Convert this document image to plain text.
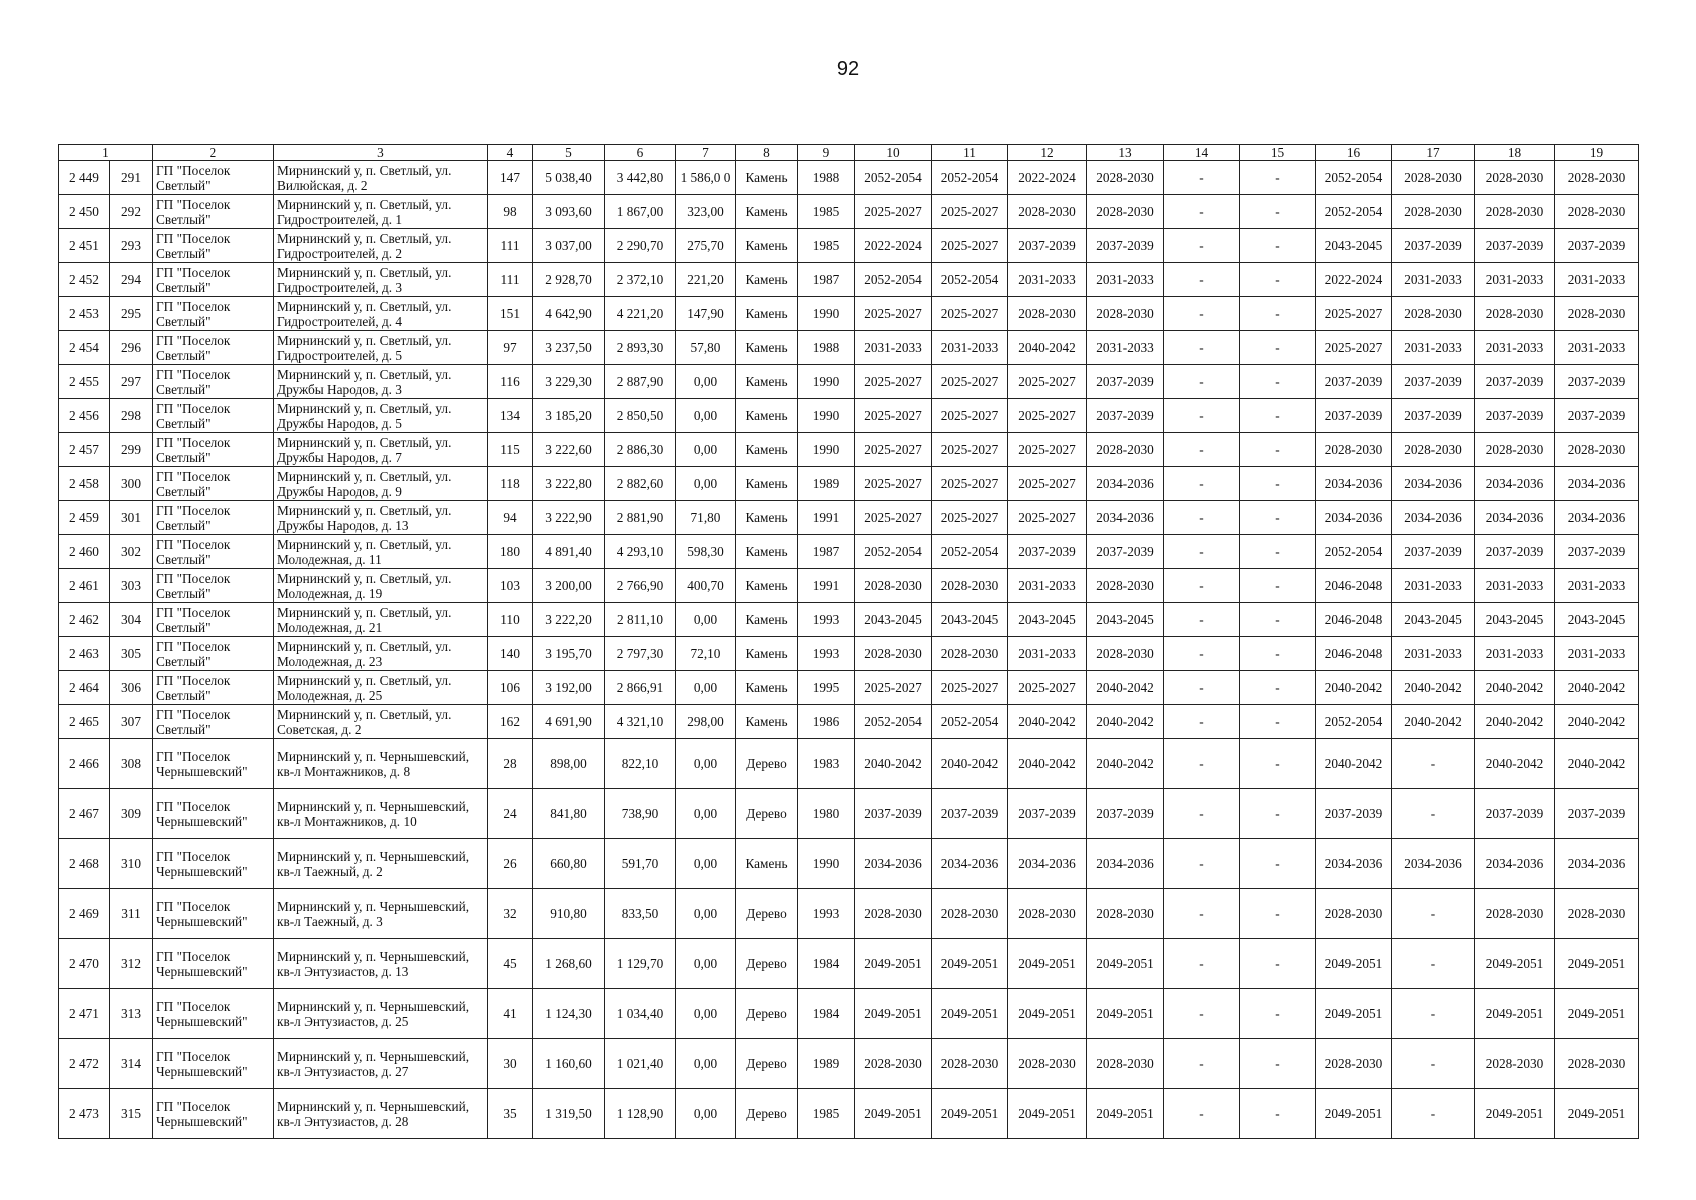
92
1		2	3	4	5	6	7	8	9	10	11	12	13	14	15	16	17	18	19
2 449	291	ГП "Поселок Светлый"	Мирнинский у, п. Светлый, ул. Вилюйская, д. 2	147	5 038,40	3 442,80	1 586,0 0	Камень	1988	2052-2054	2052-2054	2022-2024	2028-2030	-	-	2052-2054	2028-2030	2028-2030	2028-2030
2 450	292	ГП "Поселок Светлый"	Мирнинский у, п. Светлый, ул. Гидростроителей, д. 1	98	3 093,60	1 867,00	323,00	Камень	1985	2025-2027	2025-2027	2028-2030	2028-2030	-	-	2052-2054	2028-2030	2028-2030	2028-2030
2 451	293	ГП "Поселок Светлый"	Мирнинский у, п. Светлый, ул. Гидростроителей, д. 2	111	3 037,00	2 290,70	275,70	Камень	1985	2022-2024	2025-2027	2037-2039	2037-2039	-	-	2043-2045	2037-2039	2037-2039	2037-2039
2 452	294	ГП "Поселок Светлый"	Мирнинский у, п. Светлый, ул. Гидростроителей, д. 3	111	2 928,70	2 372,10	221,20	Камень	1987	2052-2054	2052-2054	2031-2033	2031-2033	-	-	2022-2024	2031-2033	2031-2033	2031-2033
2 453	295	ГП "Поселок Светлый"	Мирнинский у, п. Светлый, ул. Гидростроителей, д. 4	151	4 642,90	4 221,20	147,90	Камень	1990	2025-2027	2025-2027	2028-2030	2028-2030	-	-	2025-2027	2028-2030	2028-2030	2028-2030
2 454	296	ГП "Поселок Светлый"	Мирнинский у, п. Светлый, ул. Гидростроителей, д. 5	97	3 237,50	2 893,30	57,80	Камень	1988	2031-2033	2031-2033	2040-2042	2031-2033	-	-	2025-2027	2031-2033	2031-2033	2031-2033
2 455	297	ГП "Поселок Светлый"	Мирнинский у, п. Светлый, ул. Дружбы Народов, д. 3	116	3 229,30	2 887,90	0,00	Камень	1990	2025-2027	2025-2027	2025-2027	2037-2039	-	-	2037-2039	2037-2039	2037-2039	2037-2039
2 456	298	ГП "Поселок Светлый"	Мирнинский у, п. Светлый, ул. Дружбы Народов, д. 5	134	3 185,20	2 850,50	0,00	Камень	1990	2025-2027	2025-2027	2025-2027	2037-2039	-	-	2037-2039	2037-2039	2037-2039	2037-2039
2 457	299	ГП "Поселок Светлый"	Мирнинский у, п. Светлый, ул. Дружбы Народов, д. 7	115	3 222,60	2 886,30	0,00	Камень	1990	2025-2027	2025-2027	2025-2027	2028-2030	-	-	2028-2030	2028-2030	2028-2030	2028-2030
2 458	300	ГП "Поселок Светлый"	Мирнинский у, п. Светлый, ул. Дружбы Народов, д. 9	118	3 222,80	2 882,60	0,00	Камень	1989	2025-2027	2025-2027	2025-2027	2034-2036	-	-	2034-2036	2034-2036	2034-2036	2034-2036
2 459	301	ГП "Поселок Светлый"	Мирнинский у, п. Светлый, ул. Дружбы Народов, д. 13	94	3 222,90	2 881,90	71,80	Камень	1991	2025-2027	2025-2027	2025-2027	2034-2036	-	-	2034-2036	2034-2036	2034-2036	2034-2036
2 460	302	ГП "Поселок Светлый"	Мирнинский у, п. Светлый, ул. Молодежная, д. 11	180	4 891,40	4 293,10	598,30	Камень	1987	2052-2054	2052-2054	2037-2039	2037-2039	-	-	2052-2054	2037-2039	2037-2039	2037-2039
2 461	303	ГП "Поселок Светлый"	Мирнинский у, п. Светлый, ул. Молодежная, д. 19	103	3 200,00	2 766,90	400,70	Камень	1991	2028-2030	2028-2030	2031-2033	2028-2030	-	-	2046-2048	2031-2033	2031-2033	2031-2033
2 462	304	ГП "Поселок Светлый"	Мирнинский у, п. Светлый, ул. Молодежная, д. 21	110	3 222,20	2 811,10	0,00	Камень	1993	2043-2045	2043-2045	2043-2045	2043-2045	-	-	2046-2048	2043-2045	2043-2045	2043-2045
2 463	305	ГП "Поселок Светлый"	Мирнинский у, п. Светлый, ул. Молодежная, д. 23	140	3 195,70	2 797,30	72,10	Камень	1993	2028-2030	2028-2030	2031-2033	2028-2030	-	-	2046-2048	2031-2033	2031-2033	2031-2033
2 464	306	ГП "Поселок Светлый"	Мирнинский у, п. Светлый, ул. Молодежная, д. 25	106	3 192,00	2 866,91	0,00	Камень	1995	2025-2027	2025-2027	2025-2027	2040-2042	-	-	2040-2042	2040-2042	2040-2042	2040-2042
2 465	307	ГП "Поселок Светлый"	Мирнинский у, п. Светлый, ул. Советская, д. 2	162	4 691,90	4 321,10	298,00	Камень	1986	2052-2054	2052-2054	2040-2042	2040-2042	-	-	2052-2054	2040-2042	2040-2042	2040-2042
2 466	308	ГП "Поселок Чернышевский"	Мирнинский у, п. Чернышевский, кв-л Монтажников, д. 8	28	898,00	822,10	0,00	Дерево	1983	2040-2042	2040-2042	2040-2042	2040-2042	-	-	2040-2042	-	2040-2042	2040-2042
2 467	309	ГП "Поселок Чернышевский"	Мирнинский у, п. Чернышевский, кв-л Монтажников, д. 10	24	841,80	738,90	0,00	Дерево	1980	2037-2039	2037-2039	2037-2039	2037-2039	-	-	2037-2039	-	2037-2039	2037-2039
2 468	310	ГП "Поселок Чернышевский"	Мирнинский у, п. Чернышевский, кв-л Таежный, д. 2	26	660,80	591,70	0,00	Камень	1990	2034-2036	2034-2036	2034-2036	2034-2036	-	-	2034-2036	2034-2036	2034-2036	2034-2036
2 469	311	ГП "Поселок Чернышевский"	Мирнинский у, п. Чернышевский, кв-л Таежный, д. 3	32	910,80	833,50	0,00	Дерево	1993	2028-2030	2028-2030	2028-2030	2028-2030	-	-	2028-2030	-	2028-2030	2028-2030
2 470	312	ГП "Поселок Чернышевский"	Мирнинский у, п. Чернышевский, кв-л Энтузиастов, д. 13	45	1 268,60	1 129,70	0,00	Дерево	1984	2049-2051	2049-2051	2049-2051	2049-2051	-	-	2049-2051	-	2049-2051	2049-2051
2 471	313	ГП "Поселок Чернышевский"	Мирнинский у, п. Чернышевский, кв-л Энтузиастов, д. 25	41	1 124,30	1 034,40	0,00	Дерево	1984	2049-2051	2049-2051	2049-2051	2049-2051	-	-	2049-2051	-	2049-2051	2049-2051
2 472	314	ГП "Поселок Чернышевский"	Мирнинский у, п. Чернышевский, кв-л Энтузиастов, д. 27	30	1 160,60	1 021,40	0,00	Дерево	1989	2028-2030	2028-2030	2028-2030	2028-2030	-	-	2028-2030	-	2028-2030	2028-2030
2 473	315	ГП "Поселок Чернышевский"	Мирнинский у, п. Чернышевский, кв-л Энтузиастов, д. 28	35	1 319,50	1 128,90	0,00	Дерево	1985	2049-2051	2049-2051	2049-2051	2049-2051	-	-	2049-2051	-	2049-2051	2049-2051
